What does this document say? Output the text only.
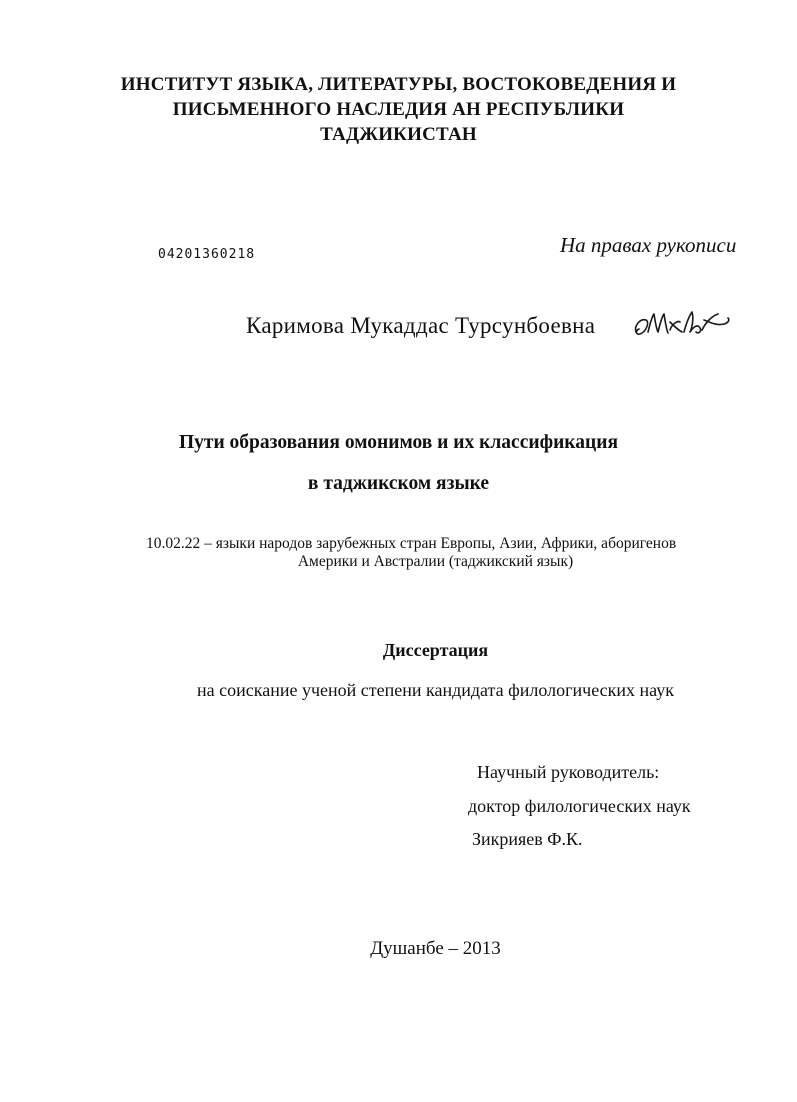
ИНСТИТУТ ЯЗЫКА, ЛИТЕРАТУРЫ, ВОСТОКОВЕДЕНИЯ И
ПИСЬМЕННОГО НАСЛЕДИЯ АН РЕСПУБЛИКИ
ТАДЖИКИСТАН
04201360218	На правах рукописи
Каримова Мукаддас Турсунбоевна
Пути образования омонимов и их классификация
в таджикском языке
10.02.22 – языки народов зарубежных стран Европы, Азии, Африки, аборигенов
Америки и Австралии (таджикский язык)
Диссертация
на соискание ученой степени кандидата филологических наук
Научный руководитель:
доктор филологических наук
Зикрияев Ф.К.
Душанбе – 2013
